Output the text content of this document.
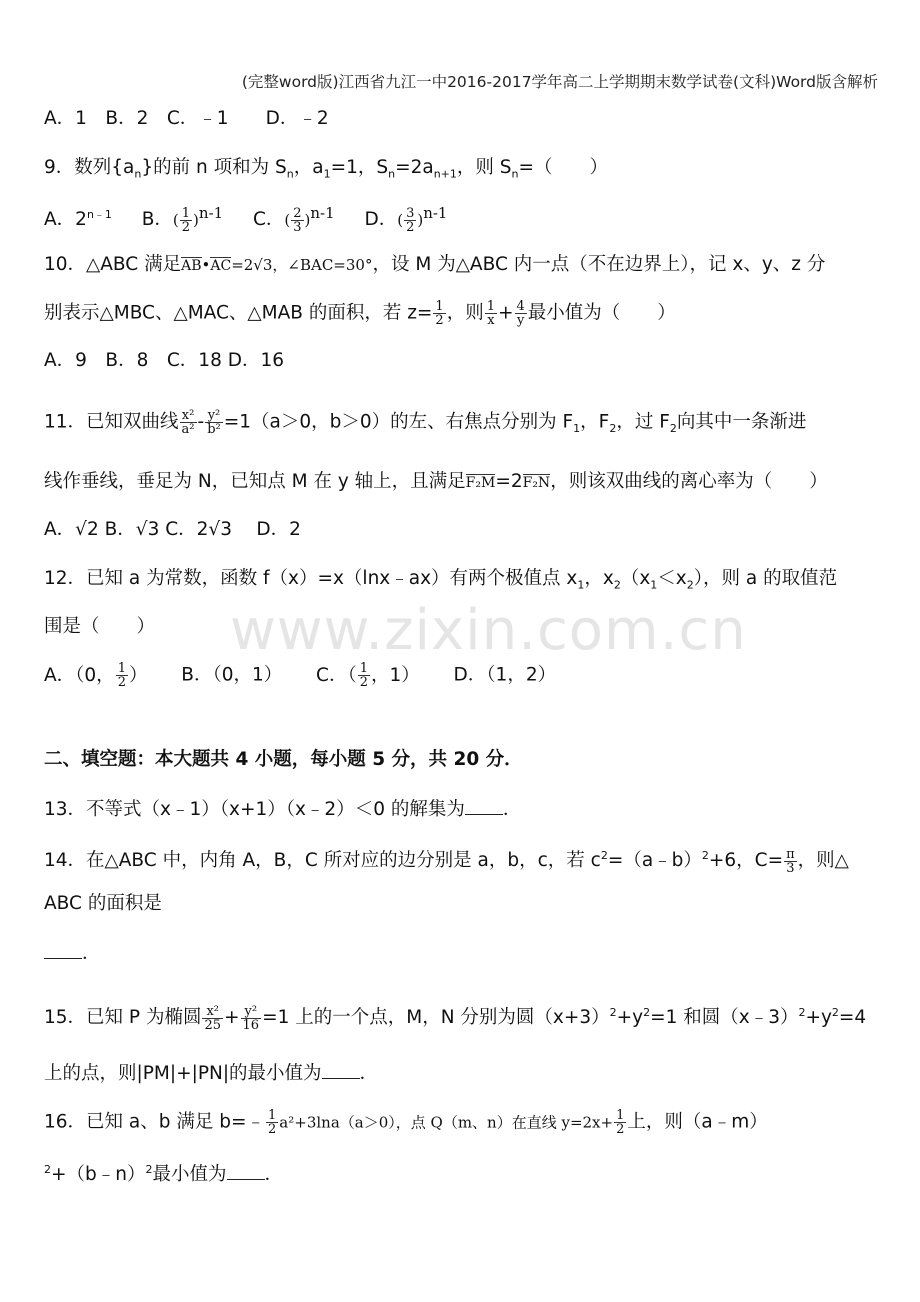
(完整word版)江西省九江一中2016-2017学年高二上学期期末数学试卷(文科)Word版含解析
www.zixin.com.cn
A．1　B．2　C．﹣1　　D．﹣2
9．数列$\{a_n\}$的前 n 项和为 $S_n$，$a_1=1$，$S_n=2a_{n+1}$，则 $S_n=$（　　）
A．$2^{n﹣1}$ B．( $\frac{1}{2} )^{n-1}$ C．( $\frac{2}{3} )^{n-1}$ D．( $\frac{3}{2} )^{n-1}$
10．△ABC 满足AB•AC=2√3，∠BAC=30°，设 M 为△ABC 内一点（不在边界上），记 x、y、z 分
别表示△MBC、△MAC、△MAB 的面积，若 $z= \frac{1}{2}$ ，则 $\frac{1}{x} + \frac{4}{y}$ 最小值为（　　）
A．9　B．8　C．18 D．16
11．已知双曲线 $\frac{\text{x²}}{\text{a²}} - \frac{\text{y²}}{\text{b²}} =1(a>0$，b＞0）的左、右焦点分别为 $F_1$，$F_2$，过 $F_2$向其中一条渐进
线作垂线，垂足为 N，已知点 M 在 y 轴上，且满足F₂M=2F₂N，则该双曲线的离心率为（　　）
A．√2 B．√3 C．2√3　 D．2
12．已知 a 为常数，函数 f（x）=x（lnx﹣ax）有两个极值点 $x_1$，$x_2(x_1<x_2)$，则 a 的取值范
围是（　　）
A．（0， $\frac{1}{2}$ ） B．（0，1） C．（ $\frac{1}{2}$ ，1） D．（1，2）
二、填空题：本大题共 4 小题，每小题 5 分，共 20 分．
13．不等式（x﹣1）（x+1）（x﹣2）＜0 的解集为 ．
14．在△ABC 中，内角 A，B，C 所对应的边分别是 a，b，c，若 $c^2=(a﹣b)^2+6$，$C= \frac{\pi}{3}$ ，则△
ABC 的面积是
．
15．已知 P 为椭圆 $\frac{\text{x²}}{25} + \frac{\text{y²}}{16} =1$ 上的一个点，M，N 分别为圆$(x+3)^2+y^2=1$ 和圆$(x﹣3)^2+y^2=4$
上的点，则|PM|+|PN|的最小值为 ．
16．已知 a、b 满足 b=﹣ $\frac{1}{2} a^2+3\ln a(a>0)$，点 Q（m、n）在直线 $y=2x+ \frac{1}{2}$ 上，则（a﹣m）
$^2$+（b﹣n）$^2$最小值为 ．
